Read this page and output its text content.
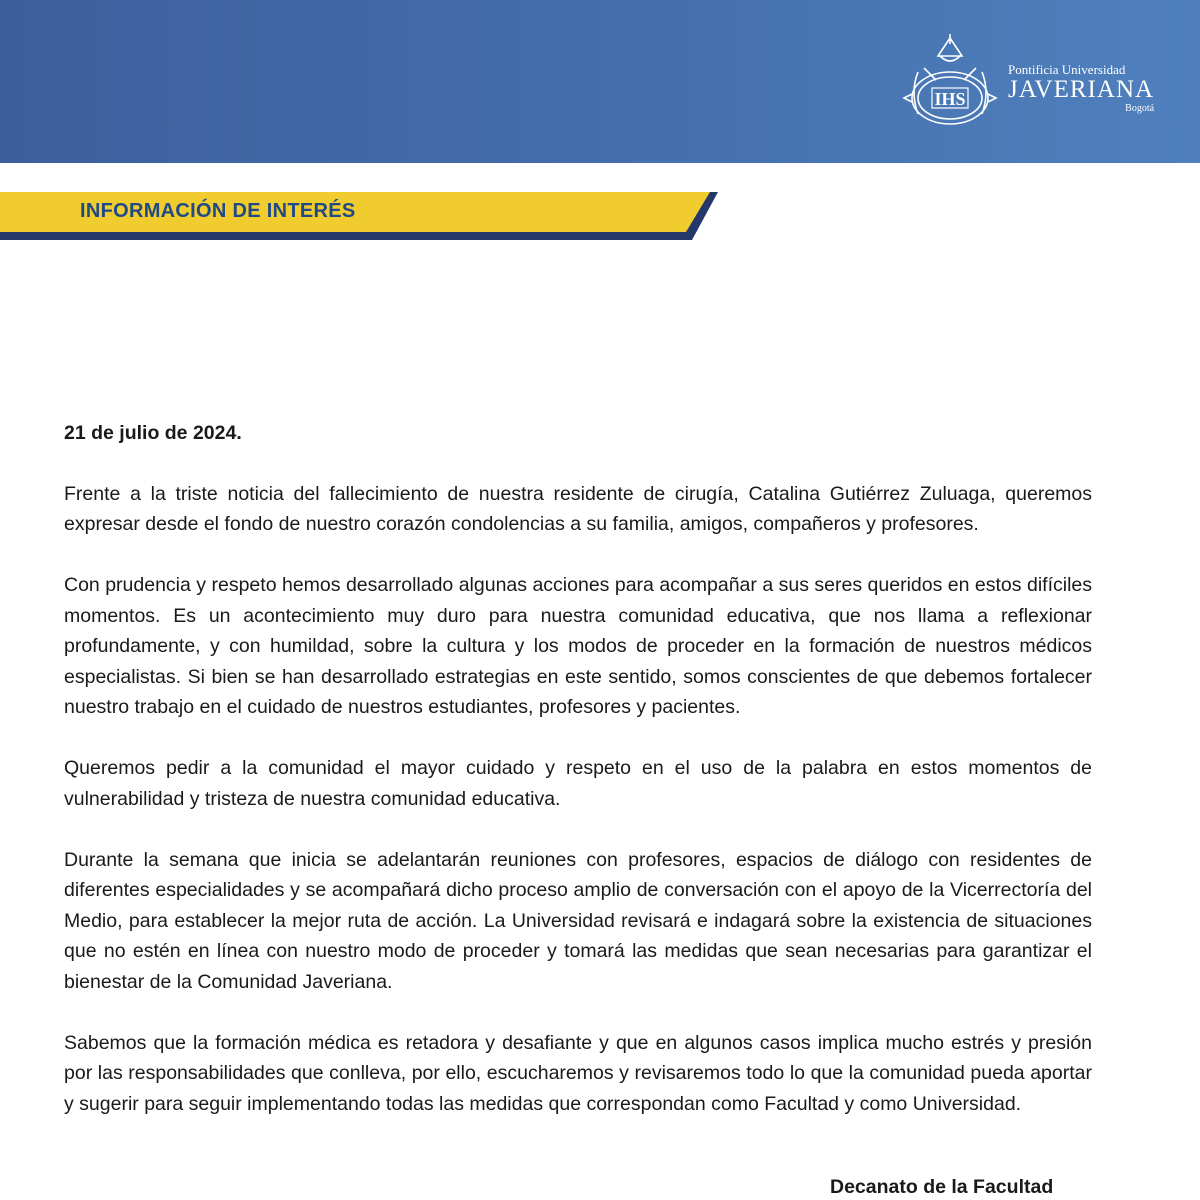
IHS
Pontificia Universidad
JAVERIANA
Bogotá
INFORMACIÓN DE INTERÉS

21 de julio de 2024.

Frente a la triste noticia del fallecimiento de nuestra residente de cirugía, Catalina Gutiérrez Zuluaga, queremos expresar desde el fondo de nuestro corazón condolencias a su familia, amigos, compañeros y profesores.

Con prudencia y respeto hemos desarrollado algunas acciones para acompañar a sus seres queridos en estos difíciles momentos. Es un acontecimiento muy duro para nuestra comunidad educativa, que nos llama a reflexionar profundamente, y con humildad, sobre la cultura y los modos de proceder en la formación de nuestros médicos especialistas. Si bien se han desarrollado estrategias en este sentido, somos conscientes de que debemos fortalecer nuestro trabajo en el cuidado de nuestros estudiantes, profesores y pacientes.

Queremos pedir a la comunidad el mayor cuidado y respeto en el uso de la palabra en estos momentos de vulnerabilidad y tristeza de nuestra comunidad educativa.

Durante la semana que inicia se adelantarán reuniones con profesores, espacios de diálogo con residentes de diferentes especialidades y se acompañará dicho proceso amplio de conversación con el apoyo de la Vicerrectoría del Medio, para establecer la mejor ruta de acción. La Universidad revisará e indagará sobre la existencia de situaciones que no estén en línea con nuestro modo de proceder y tomará las medidas que sean necesarias para garantizar el bienestar de la Comunidad Javeriana.

Sabemos que la formación médica es retadora y desafiante y que en algunos casos implica mucho estrés y presión por las responsabilidades que conlleva, por ello, escucharemos y revisaremos todo lo que la comunidad pueda aportar y sugerir para seguir implementando todas las medidas que correspondan como Facultad y como Universidad.

Decanato de la Facultad
